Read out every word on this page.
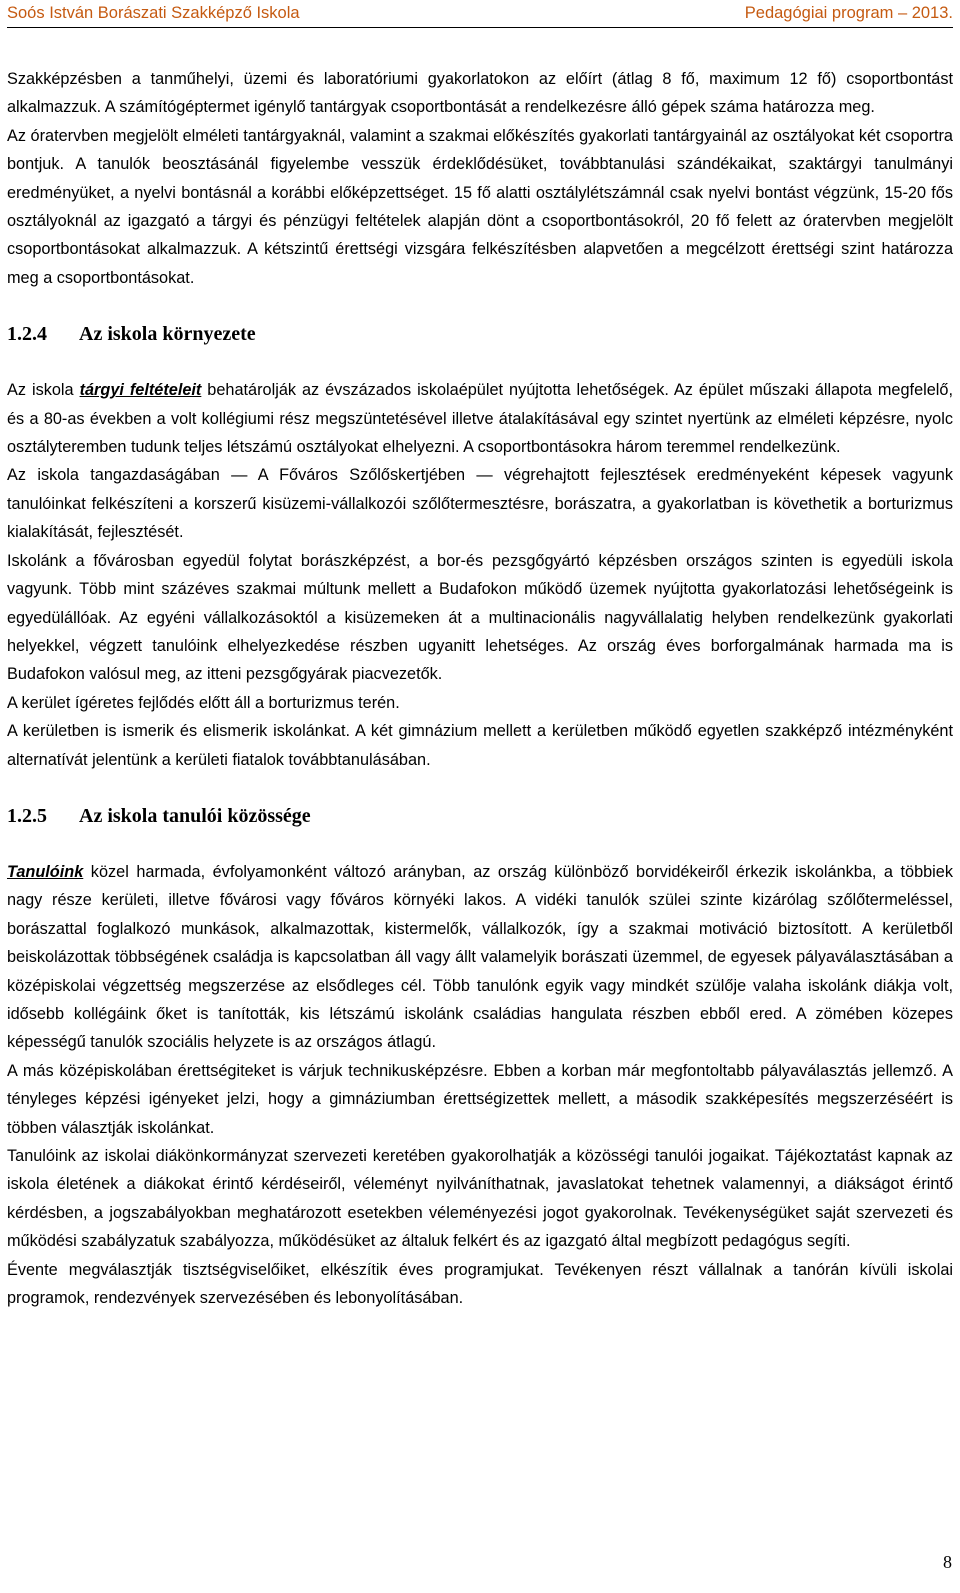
Soós István Borászati Szakképző Iskola	Pedagógiai program – 2013.

Szakképzésben a tanműhelyi, üzemi és laboratóriumi gyakorlatokon az előírt (átlag 8 fő, maximum 12 fő) csoportbontást alkalmazzuk. A számítógéptermet igénylő tantárgyak csoportbontását a rendelkezésre álló gépek száma határozza meg.

Az óratervben megjelölt elméleti tantárgyaknál, valamint a szakmai előkészítés gyakorlati tantárgyainál az osztályokat két csoportra bontjuk. A tanulók beosztásánál figyelembe vesszük érdeklődésüket, továbbtanulási szándékaikat, szaktárgyi tanulmányi eredményüket, a nyelvi bontásnál a korábbi előképzettséget. 15 fő alatti osztálylétszámnál csak nyelvi bontást végzünk, 15-20 fős osztályoknál az igazgató a tárgyi és pénzügyi feltételek alapján dönt a csoportbontásokról, 20 fő felett az óratervben megjelölt csoportbontásokat alkalmazzuk. A kétszintű érettségi vizsgára felkészítésben alapvetően a megcélzott érettségi szint határozza meg a csoportbontásokat.

1.2.4 Az iskola környezete

Az iskola tárgyi feltételeit behatárolják az évszázados iskolaépület nyújtotta lehetőségek. Az épület műszaki állapota megfelelő, és a 80-as években a volt kollégiumi rész megszüntetésével illetve átalakításával egy szintet nyertünk az elméleti képzésre, nyolc osztályteremben tudunk teljes létszámú osztályokat elhelyezni. A csoportbontásokra három teremmel rendelkezünk.

Az iskola tangazdaságában ― A Főváros Szőlőskertjében ― végrehajtott fejlesztések eredményeként képesek vagyunk tanulóinkat felkészíteni a korszerű kisüzemi-vállalkozói szőlőtermesztésre, borászatra, a gyakorlatban is követhetik a borturizmus kialakítását, fejlesztését.

Iskolánk a fővárosban egyedül folytat borászképzést, a bor-és pezsgőgyártó képzésben országos szinten is egyedüli iskola vagyunk. Több mint százéves szakmai múltunk mellett a Budafokon működő üzemek nyújtotta gyakorlatozási lehetőségeink is egyedülállóak. Az egyéni vállalkozásoktól a kisüzemeken át a multinacionális nagyvállalatig helyben rendelkezünk gyakorlati helyekkel, végzett tanulóink elhelyezkedése részben ugyanitt lehetséges. Az ország éves borforgalmának harmada ma is Budafokon valósul meg, az itteni pezsgőgyárak piacvezetők.

A kerület ígéretes fejlődés előtt áll a borturizmus terén.

A kerületben is ismerik és elismerik iskolánkat. A két gimnázium mellett a kerületben működő egyetlen szakképző intézményként alternatívát jelentünk a kerületi fiatalok továbbtanulásában.

1.2.5 Az iskola tanulói közössége

Tanulóink közel harmada, évfolyamonként változó arányban, az ország különböző borvidékeiről érkezik iskolánkba, a többiek nagy része kerületi, illetve fővárosi vagy főváros környéki lakos. A vidéki tanulók szülei szinte kizárólag szőlőtermeléssel, borászattal foglalkozó munkások, alkalmazottak, kistermelők, vállalkozók, így a szakmai motiváció biztosított. A kerületből beiskolázottak többségének családja is kapcsolatban áll vagy állt valamelyik borászati üzemmel, de egyesek pályaválasztásában a középiskolai végzettség megszerzése az elsődleges cél. Több tanulónk egyik vagy mindkét szülője valaha iskolánk diákja volt, idősebb kollégáink őket is tanították, kis létszámú iskolánk családias hangulata részben ebből ered. A zömében közepes képességű tanulók szociális helyzete is az országos átlagú.

A más középiskolában érettségiteket is várjuk technikusképzésre. Ebben a korban már megfontoltabb pályaválasztás jellemző. A tényleges képzési igényeket jelzi, hogy a gimnáziumban érettségizettek mellett, a második szakképesítés megszerzéséért is többen választják iskolánkat.

Tanulóink az iskolai diákönkormányzat szervezeti keretében gyakorolhatják a közösségi tanulói jogaikat. Tájékoztatást kapnak az iskola életének a diákokat érintő kérdéseiről, véleményt nyilváníthatnak, javaslatokat tehetnek valamennyi, a diákságot érintő kérdésben, a jogszabályokban meghatározott esetekben véleményezési jogot gyakorolnak. Tevékenységüket saját szervezeti és működési szabályzatuk szabályozza, működésüket az általuk felkért és az igazgató által megbízott pedagógus segíti.

Évente megválasztják tisztségviselőiket, elkészítik éves programjukat. Tevékenyen részt vállalnak a tanórán kívüli iskolai programok, rendezvények szervezésében és lebonyolításában.

8
